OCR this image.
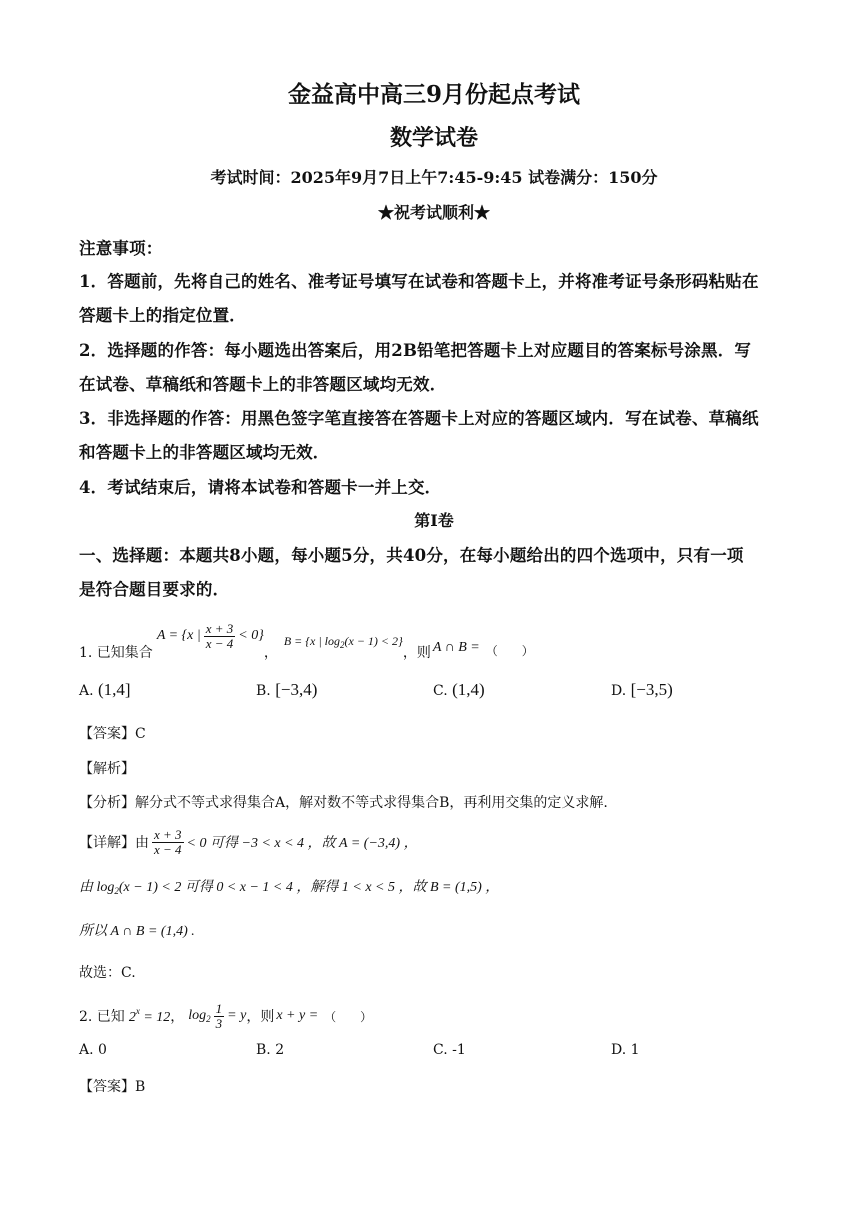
金益高中高三9月份起点考试
数学试卷
考试时间：2025年9月7日上午7:45-9:45 试卷满分：150分
★祝考试顺利★
注意事项：
1．答题前，先将自己的姓名、准考证号填写在试卷和答题卡上，并将准考证号条形码粘贴在
答题卡上的指定位置．
2．选择题的作答：每小题选出答案后，用2B铅笔把答题卡上对应题目的答案标号涂黑．写
在试卷、草稿纸和答题卡上的非答题区域均无效．
3．非选择题的作答：用黑色签字笔直接答在答题卡上对应的答题区域内．写在试卷、草稿纸
和答题卡上的非答题区域均无效．
4．考试结束后，请将本试卷和答题卡一并上交．
第Ⅰ卷
一、选择题：本题共8小题，每小题5分，共40分，在每小题给出的四个选项中，只有一项
是符合题目要求的．
1. 已知集合
A = {x | $\frac{x + 3}{x - 4} < 0$}
，
B = {x | $\log_2(x - 1) < 2$}
，则 A ∩ B = （　　）
A. (1,4]	B. [−3,4)	C. (1,4)	D. [−3,5)
【答案】C
【解析】
【分析】解分式不等式求得集合A，解对数不等式求得集合B，再利用交集的定义求解.
【详解】由 $\frac{x + 3}{x - 4} < 0$ 可得 −3 < x < 4 ，故 A = (−3,4) ，
由 $\log_2(x - 1) < 2$ 可得 0 < x − 1 < 4 ，解得 1 < x < 5 ，故 B = (1,5) ，
所以 A ∩ B = (1,4) .
故选：C.
2. 已知 $2^x = 12$ ， $\log_2 \frac{1}{3} = y$ ，则 x + y = （　　）
A. 0	B. 2	C. -1	D. 1
【答案】B
